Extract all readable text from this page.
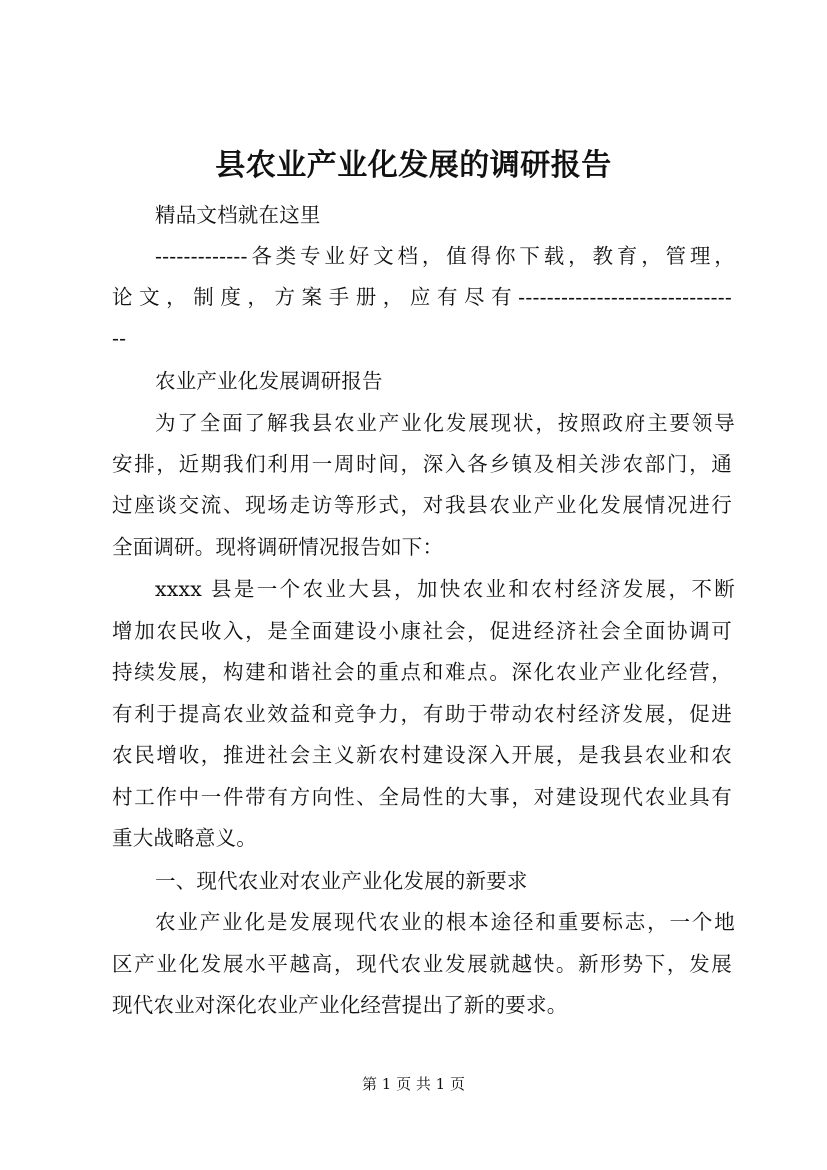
县农业产业化发展的调研报告
精品文档就在这里
-------------各类专业好文档，值得你下载，教育，管理，
论文，制度，方案手册，应有尽有------------------------------
--
农业产业化发展调研报告
为了全面了解我县农业产业化发展现状，按照政府主要领导
安排，近期我们利用一周时间，深入各乡镇及相关涉农部门，通
过座谈交流、现场走访等形式，对我县农业产业化发展情况进行
全面调研。现将调研情况报告如下：
xxxx 县是一个农业大县，加快农业和农村经济发展，不断
增加农民收入，是全面建设小康社会，促进经济社会全面协调可
持续发展，构建和谐社会的重点和难点。深化农业产业化经营，
有利于提高农业效益和竞争力，有助于带动农村经济发展，促进
农民增收，推进社会主义新农村建设深入开展，是我县农业和农
村工作中一件带有方向性、全局性的大事，对建设现代农业具有
重大战略意义。
一、现代农业对农业产业化发展的新要求
农业产业化是发展现代农业的根本途径和重要标志，一个地
区产业化发展水平越高，现代农业发展就越快。新形势下，发展
现代农业对深化农业产业化经营提出了新的要求。
第 1 页 共 1 页
